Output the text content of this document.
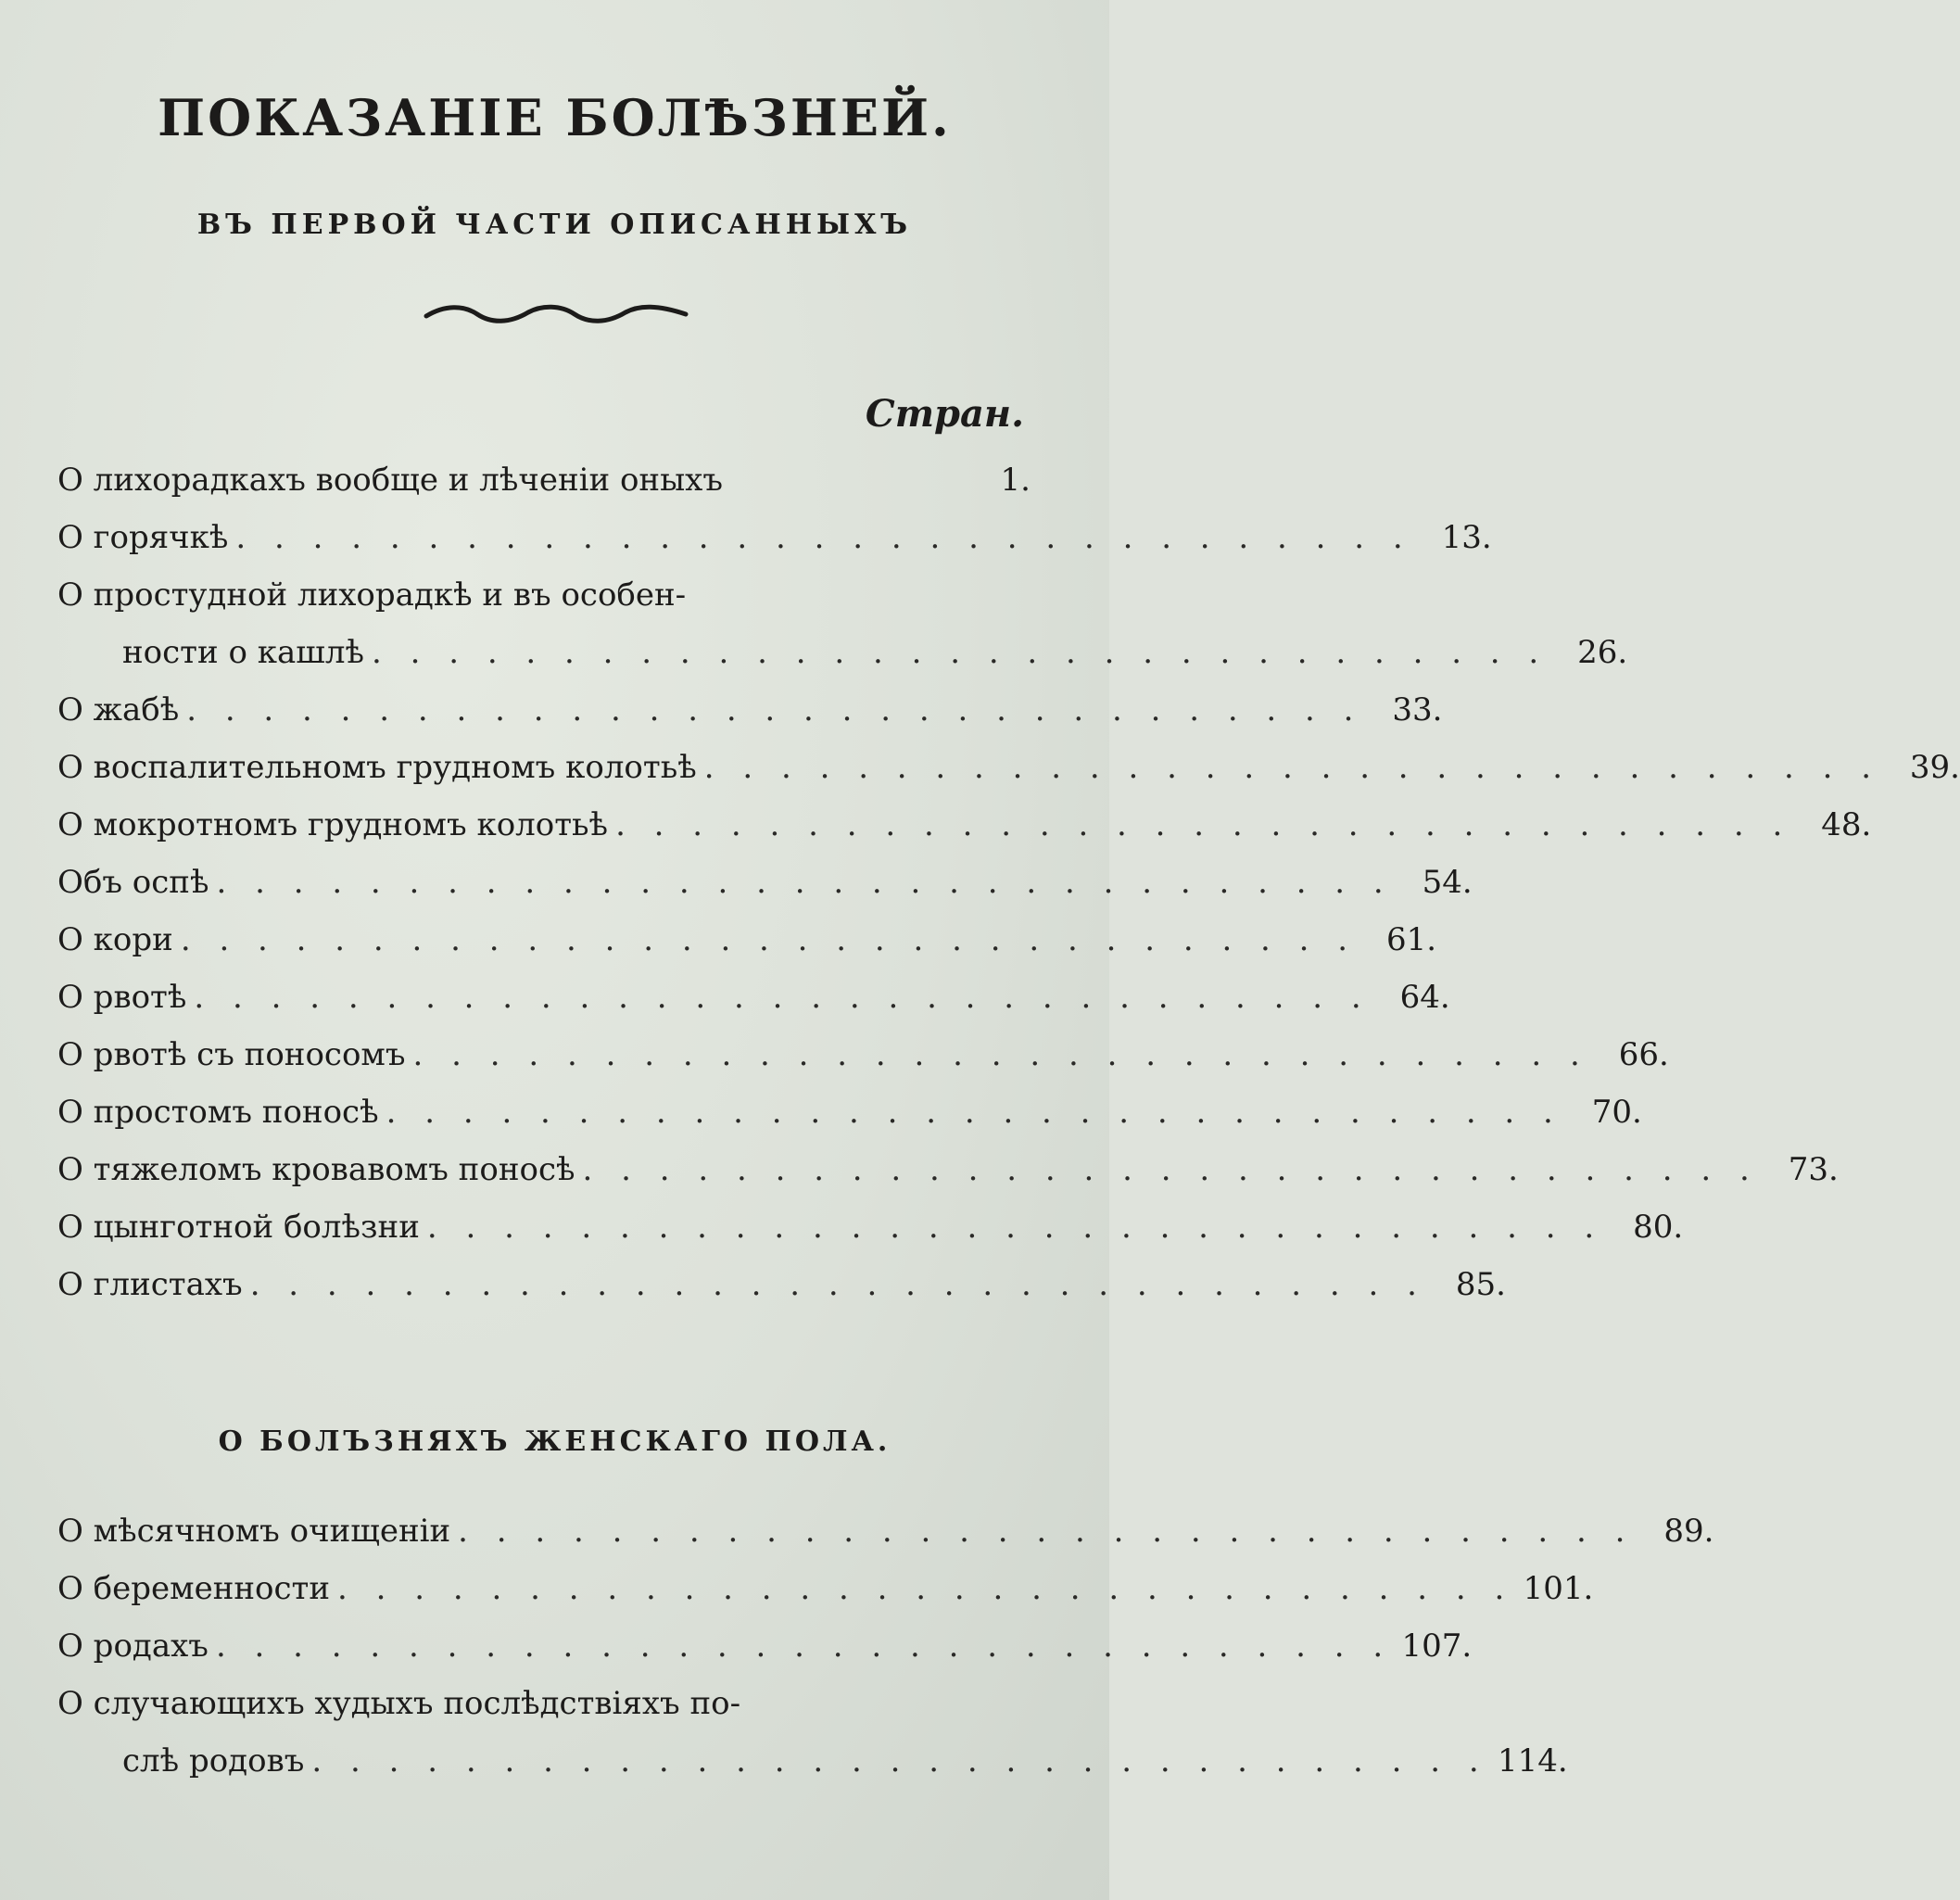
ПОКАЗАНІЕ БОЛѢЗНЕЙ.
ВЪ ПЕРВОЙ ЧАСТИ ОПИСАННЫХЪ
Стран.
О лихорадкахъ вообще и лѣченіи оныхъ	1.
О горячкѣ . . . . . . . . . . . . . . . . . . . . . . . . . . . . . . . 13.
О простудной лихорадкѣ и въ особен-
ности о кашлѣ . . . . . . . . . . . . . . . . . . . . . . . . . . . . . . . 26.
О жабѣ . . . . . . . . . . . . . . . . . . . . . . . . . . . . . . . 33.
О воспалительномъ грудномъ колотьѣ . . . . . . . . . . . . . . . . . . . . . . . . . . . . . . . 39.
О мокротномъ грудномъ колотьѣ . . . . . . . . . . . . . . . . . . . . . . . . . . . . . . . 48.
Объ оспѣ . . . . . . . . . . . . . . . . . . . . . . . . . . . . . . . 54.
О кори . . . . . . . . . . . . . . . . . . . . . . . . . . . . . . . 61.
О рвотѣ . . . . . . . . . . . . . . . . . . . . . . . . . . . . . . . 64.
О рвотѣ съ поносомъ . . . . . . . . . . . . . . . . . . . . . . . . . . . . . . . 66.
О простомъ поносѣ . . . . . . . . . . . . . . . . . . . . . . . . . . . . . . . 70.
О тяжеломъ кровавомъ поносѣ . . . . . . . . . . . . . . . . . . . . . . . . . . . . . . . 73.
О цынготной болѣзни . . . . . . . . . . . . . . . . . . . . . . . . . . . . . . . 80.
О глистахъ . . . . . . . . . . . . . . . . . . . . . . . . . . . . . . . 85.
О БОЛЪЗНЯХЪ ЖЕНСКАГО ПОЛА.
О мѣсячномъ очищеніи . . . . . . . . . . . . . . . . . . . . . . . . . . . . . . . 89.
О беременности . . . . . . . . . . . . . . . . . . . . . . . . . . . . . . . 101.
О родахъ . . . . . . . . . . . . . . . . . . . . . . . . . . . . . . . 107.
О случающихъ худыхъ послѣдствіяхъ по-
слѣ родовъ . . . . . . . . . . . . . . . . . . . . . . . . . . . . . . . 114.
